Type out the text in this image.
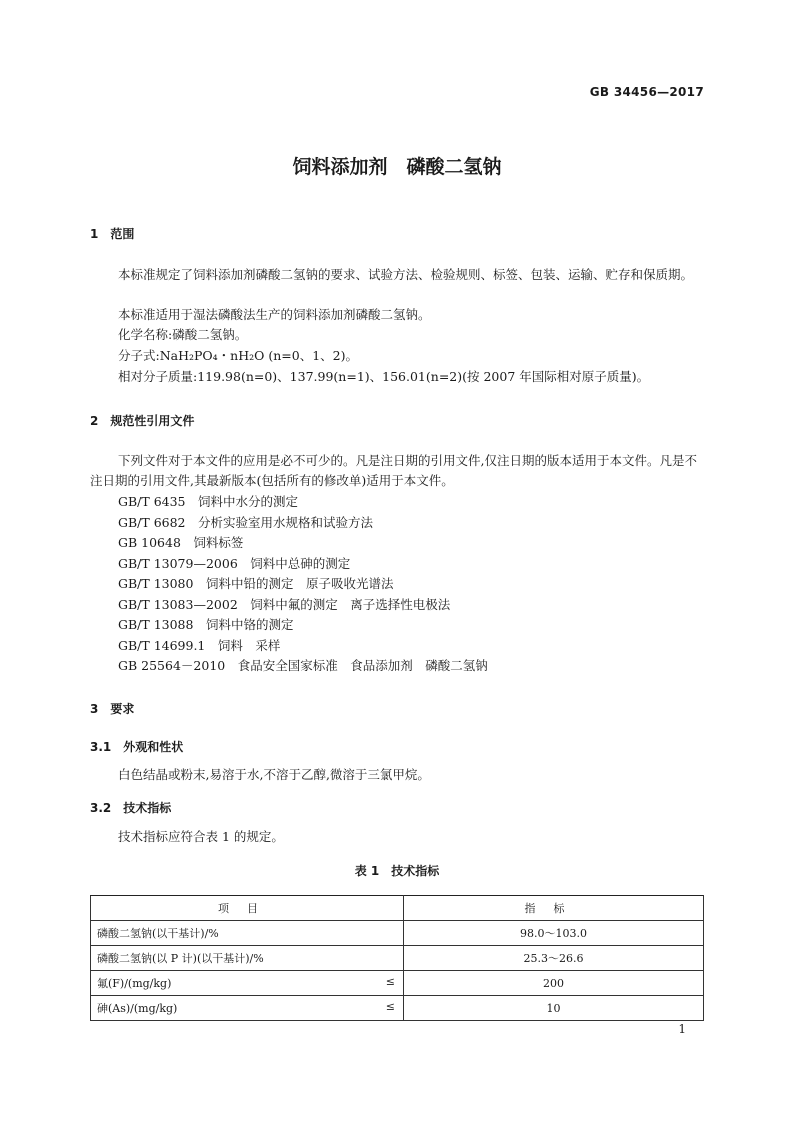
GB 34456—2017
饲料添加剂　磷酸二氢钠
1　范围

本标准规定了饲料添加剂磷酸二氢钠的要求、试验方法、检验规则、标签、包装、运输、贮存和保质期。

本标准适用于湿法磷酸法生产的饲料添加剂磷酸二氢钠。
化学名称:磷酸二氢钠。
分子式:NaH₂PO₄・nH₂O (n=0、1、2)。
相对分子质量:119.98(n=0)、137.99(n=1)、156.01(n=2)(按 2007 年国际相对原子质量)。
2　规范性引用文件

下列文件对于本文件的应用是必不可少的。凡是注日期的引用文件,仅注日期的版本适用于本文件。凡是不注日期的引用文件,其最新版本(包括所有的修改单)适用于本文件。

GB/T 6435　饲料中水分的测定
GB/T 6682　分析实验室用水规格和试验方法
GB 10648　饲料标签
GB/T 13079—2006　饲料中总砷的测定
GB/T 13080　饲料中铅的测定　原子吸收光谱法
GB/T 13083—2002　饲料中氟的测定　离子选择性电极法
GB/T 13088　饲料中铬的测定
GB/T 14699.1　饲料　采样
GB 25564－2010　食品安全国家标准　食品添加剂　磷酸二氢钠
3　要求
3.1　外观和性状
白色结晶或粉末,易溶于水,不溶于乙醇,微溶于三氯甲烷。
3.2　技术指标
技术指标应符合表 1 的规定。
表 1　技术指标
项目	指标
磷酸二氢钠(以干基计)/%	98.0～103.0
磷酸二氢钠(以 P 计)(以干基计)/%	25.3～26.6
氟(F)/(mg/kg) ≤	200
砷(As)/(mg/kg) ≤	10
1
